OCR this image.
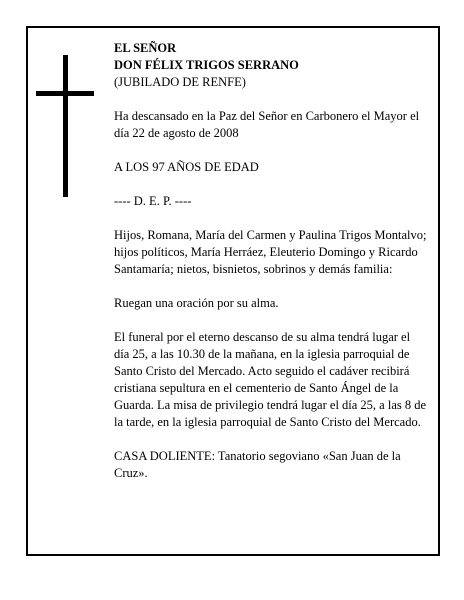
EL SEÑOR

DON FÉLIX TRIGOS SERRANO

(JUBILADO DE RENFE)

Ha descansado en la Paz del Señor en Carbonero el Mayor el día 22 de agosto de 2008

A LOS 97 AÑOS DE EDAD

---- D. E. P. ----

Hijos, Romana, María del Carmen y Paulina Trigos Montalvo; hijos políticos, María Herráez, Eleuterio Domingo y Ricardo Santamaría; nietos, bisnietos, sobrinos y demás familia:

Ruegan una oración por su alma.

El funeral por el eterno descanso de su alma tendrá lugar el día 25, a las 10.30 de la mañana, en la iglesia parroquial de Santo Cristo del Mercado. Acto seguido el cadáver recibirá cristiana sepultura en el cementerio de Santo Ángel de la Guarda. La misa de privilegio tendrá lugar el día 25, a las 8 de la tarde, en la iglesia parroquial de Santo Cristo del Mercado.

CASA DOLIENTE: Tanatorio segoviano «San Juan de la Cruz».
